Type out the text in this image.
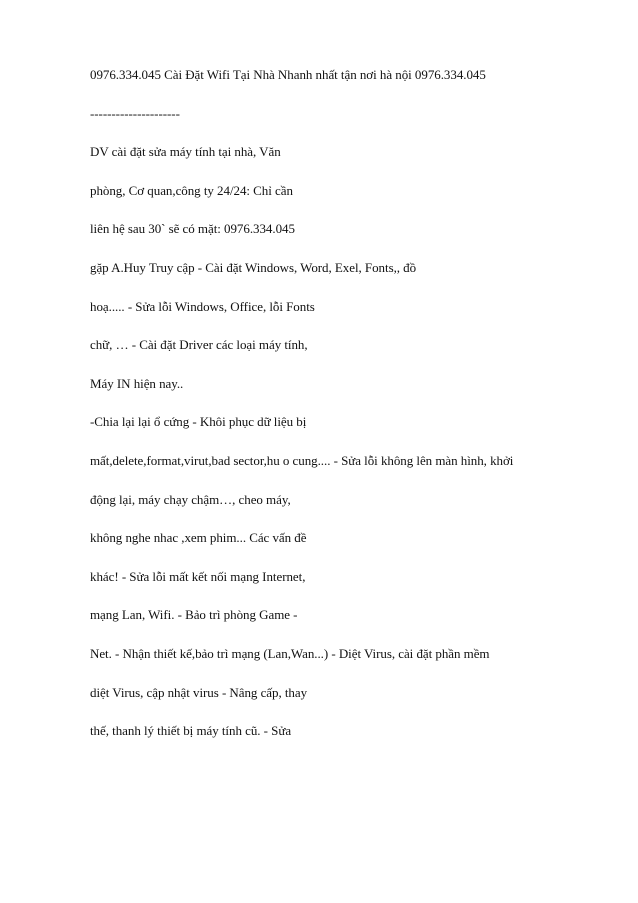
0976.334.045 Cài Đặt Wifi Tại Nhà Nhanh nhất tận nơi hà nội 0976.334.045
---------------------
DV cài đặt sửa máy tính tại nhà, Văn
phòng, Cơ quan,công ty 24/24: Chỉ cần
liên hệ sau 30` sẽ có mặt: 0976.334.045
gặp A.Huy Truy cập - Cài đặt Windows, Word, Exel, Fonts,, đồ
hoạ..... - Sửa lỗi Windows, Office, lỗi Fonts
chữ, … - Cài đặt Driver các loại máy tính,
Máy IN hiện nay..
-Chia lại lại ổ cứng - Khôi phục dữ liệu bị
mất,delete,format,virut,bad sector,hu o cung.... - Sửa lỗi không lên màn hình, khởi
động lại, máy chạy chậm…, cheo máy,
không nghe nhac ,xem phim... Các vấn đề
khác! - Sửa lỗi mất kết nối mạng Internet,
mạng Lan, Wifi. - Bảo trì phòng Game -
Net. - Nhận thiết kế,bảo trì mạng (Lan,Wan...) - Diệt Virus, cài đặt phần mềm
diệt Virus, cập nhật virus - Nâng cấp, thay
thế, thanh lý thiết bị máy tính cũ. - Sửa
